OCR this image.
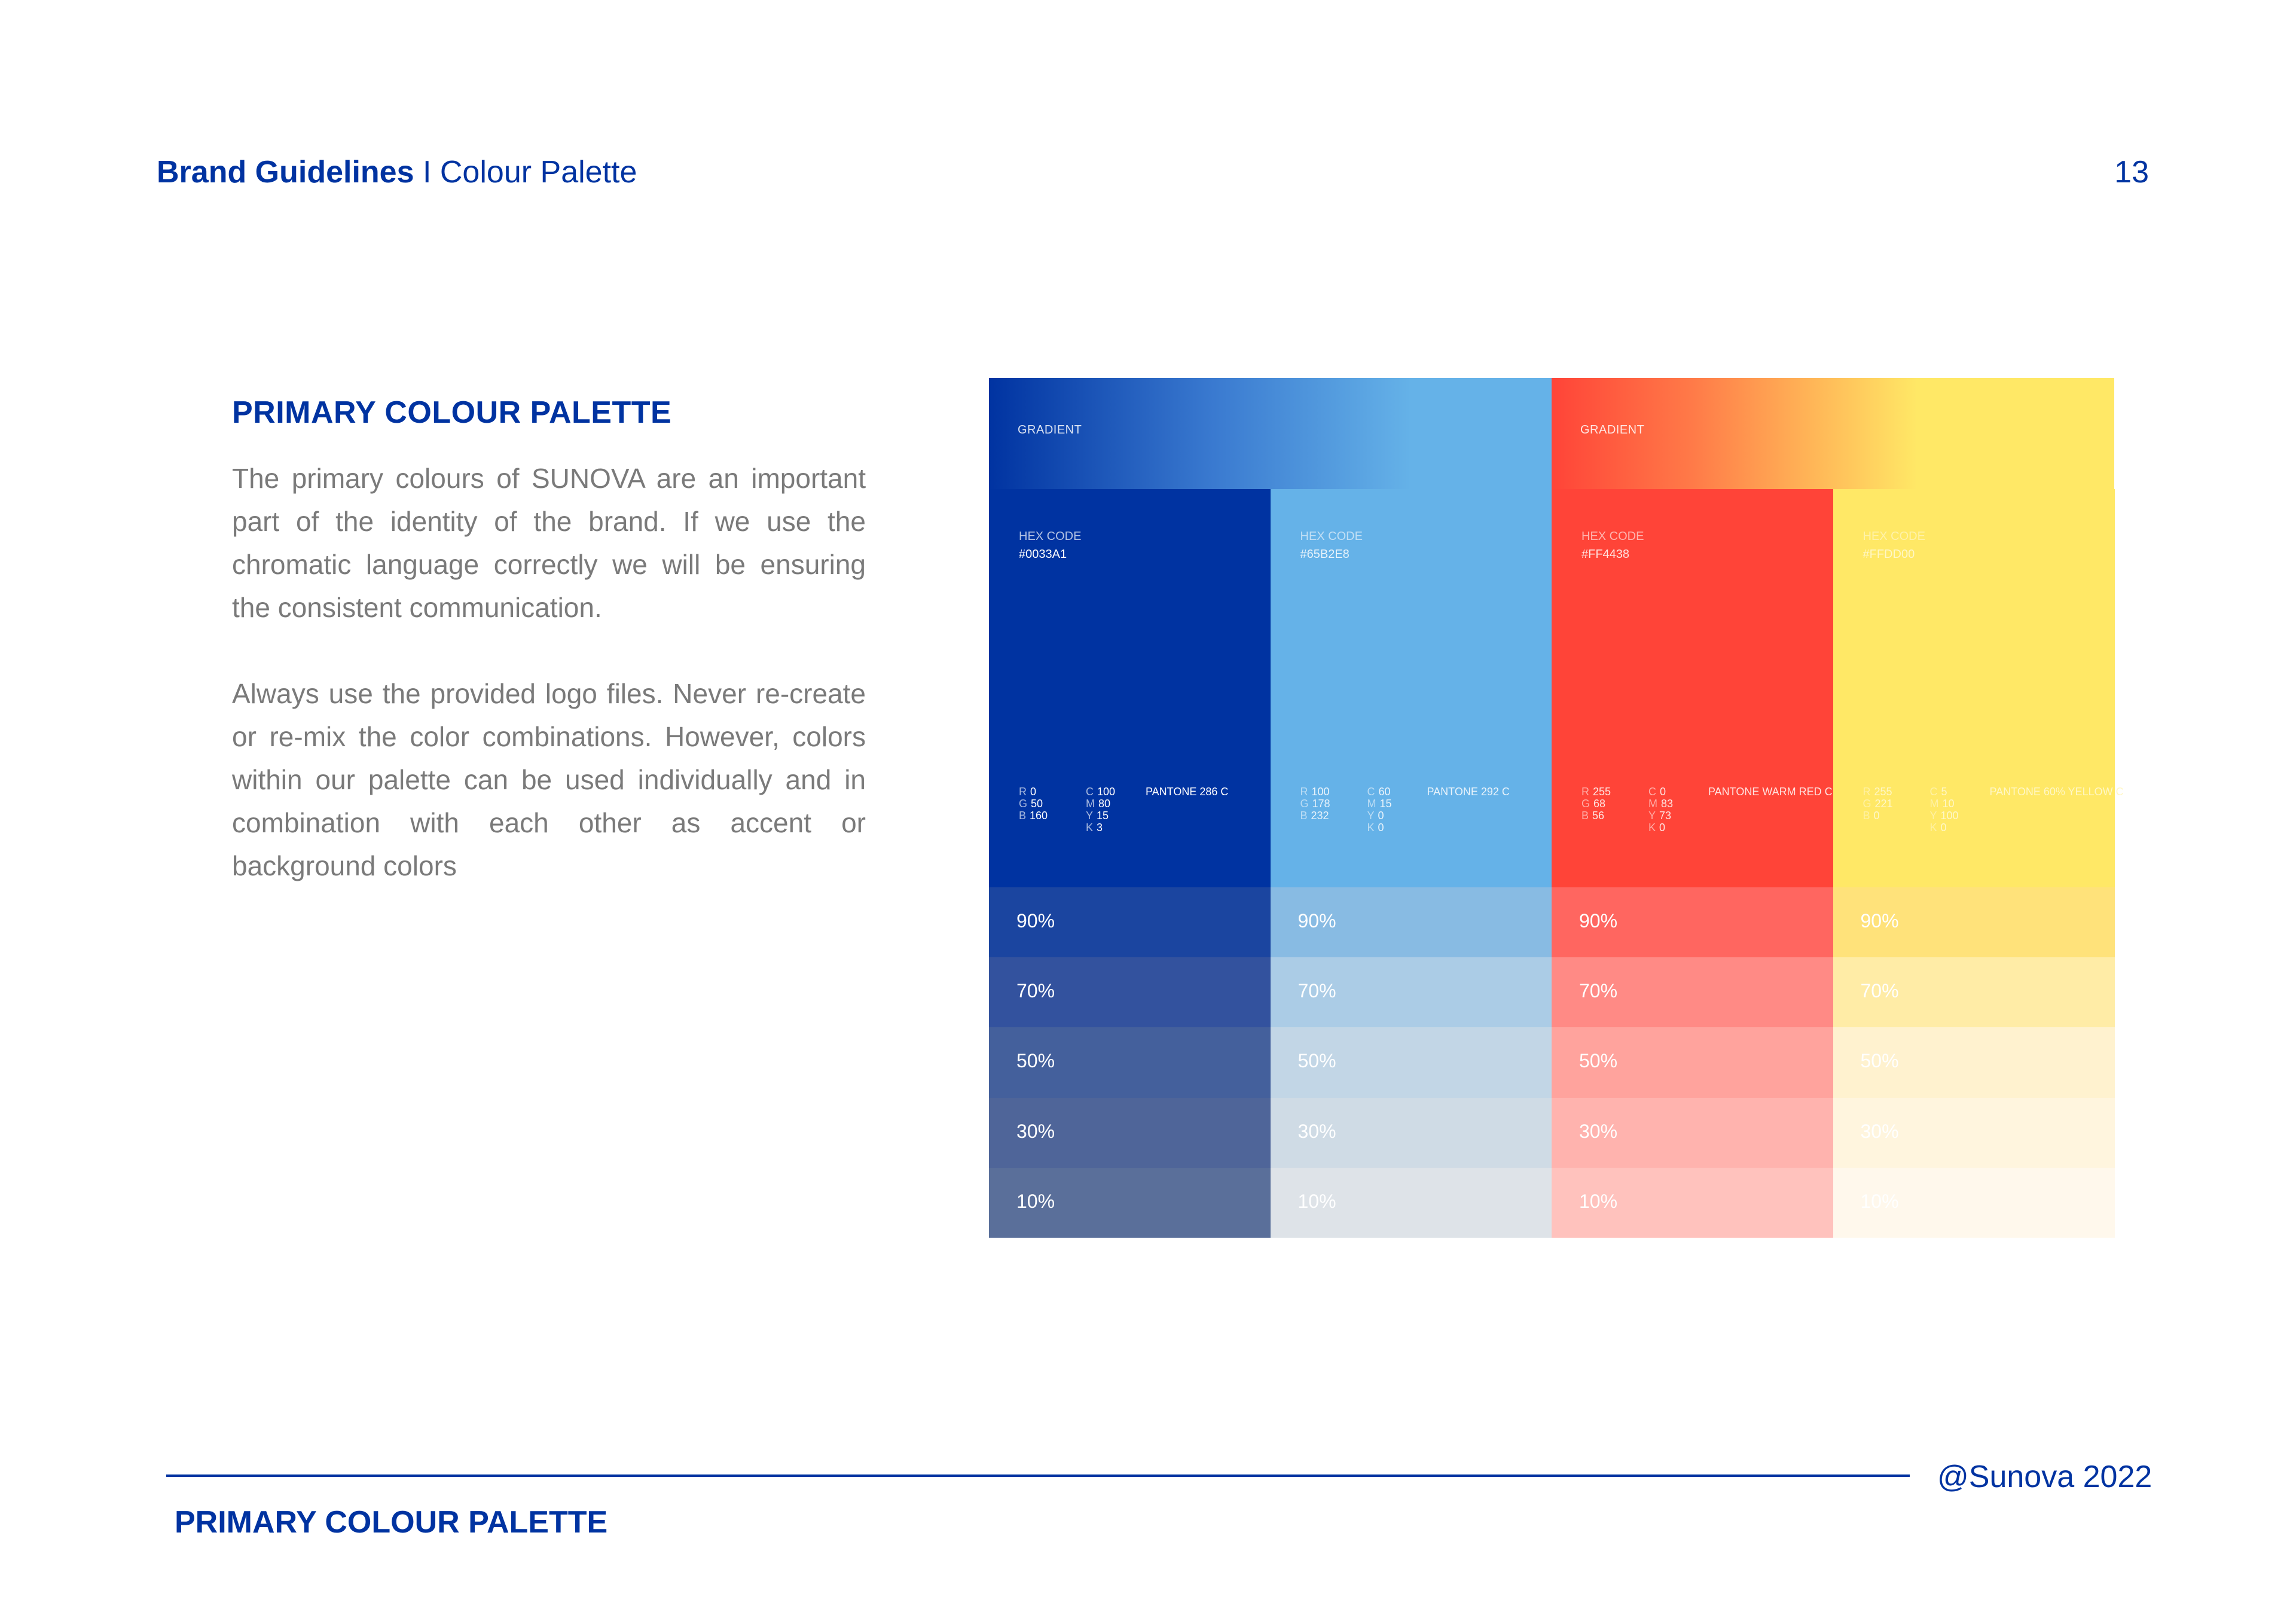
Brand Guidelines I Colour Palette	13
PRIMARY COLOUR PALETTE
The primary colours of SUNOVA are an important part of the identity of the brand. If we use the chromatic language correctly we will be ensuring the consistent communication.
Always use the provided logo files. Never re-create or re-mix the color combinations. However, colors within our palette can be used individually and in combination with each other as accent or background colors
GRADIENT	GRADIENT
HEX CODE
#0033A1
R 0
G 50
B 160
C 100
M 80
Y 15
K 3
PANTONE 286 C
90%
70%
50%
30%
10%
HEX CODE
#65B2E8
R 100
G 178
B 232
C 60
M 15
Y 0
K 0
PANTONE 292 C
90%
70%
50%
30%
10%
HEX CODE
#FF4438
R 255
G 68
B 56
C 0
M 83
Y 73
K 0
PANTONE WARM RED C
90%
70%
50%
30%
10%
HEX CODE
#FFDD00
R 255
G 221
B 0
C 5
M 10
Y 100
K 0
PANTONE 60% YELLOW C
90%
70%
50%
30%
10%
@Sunova 2022
PRIMARY COLOUR PALETTE
